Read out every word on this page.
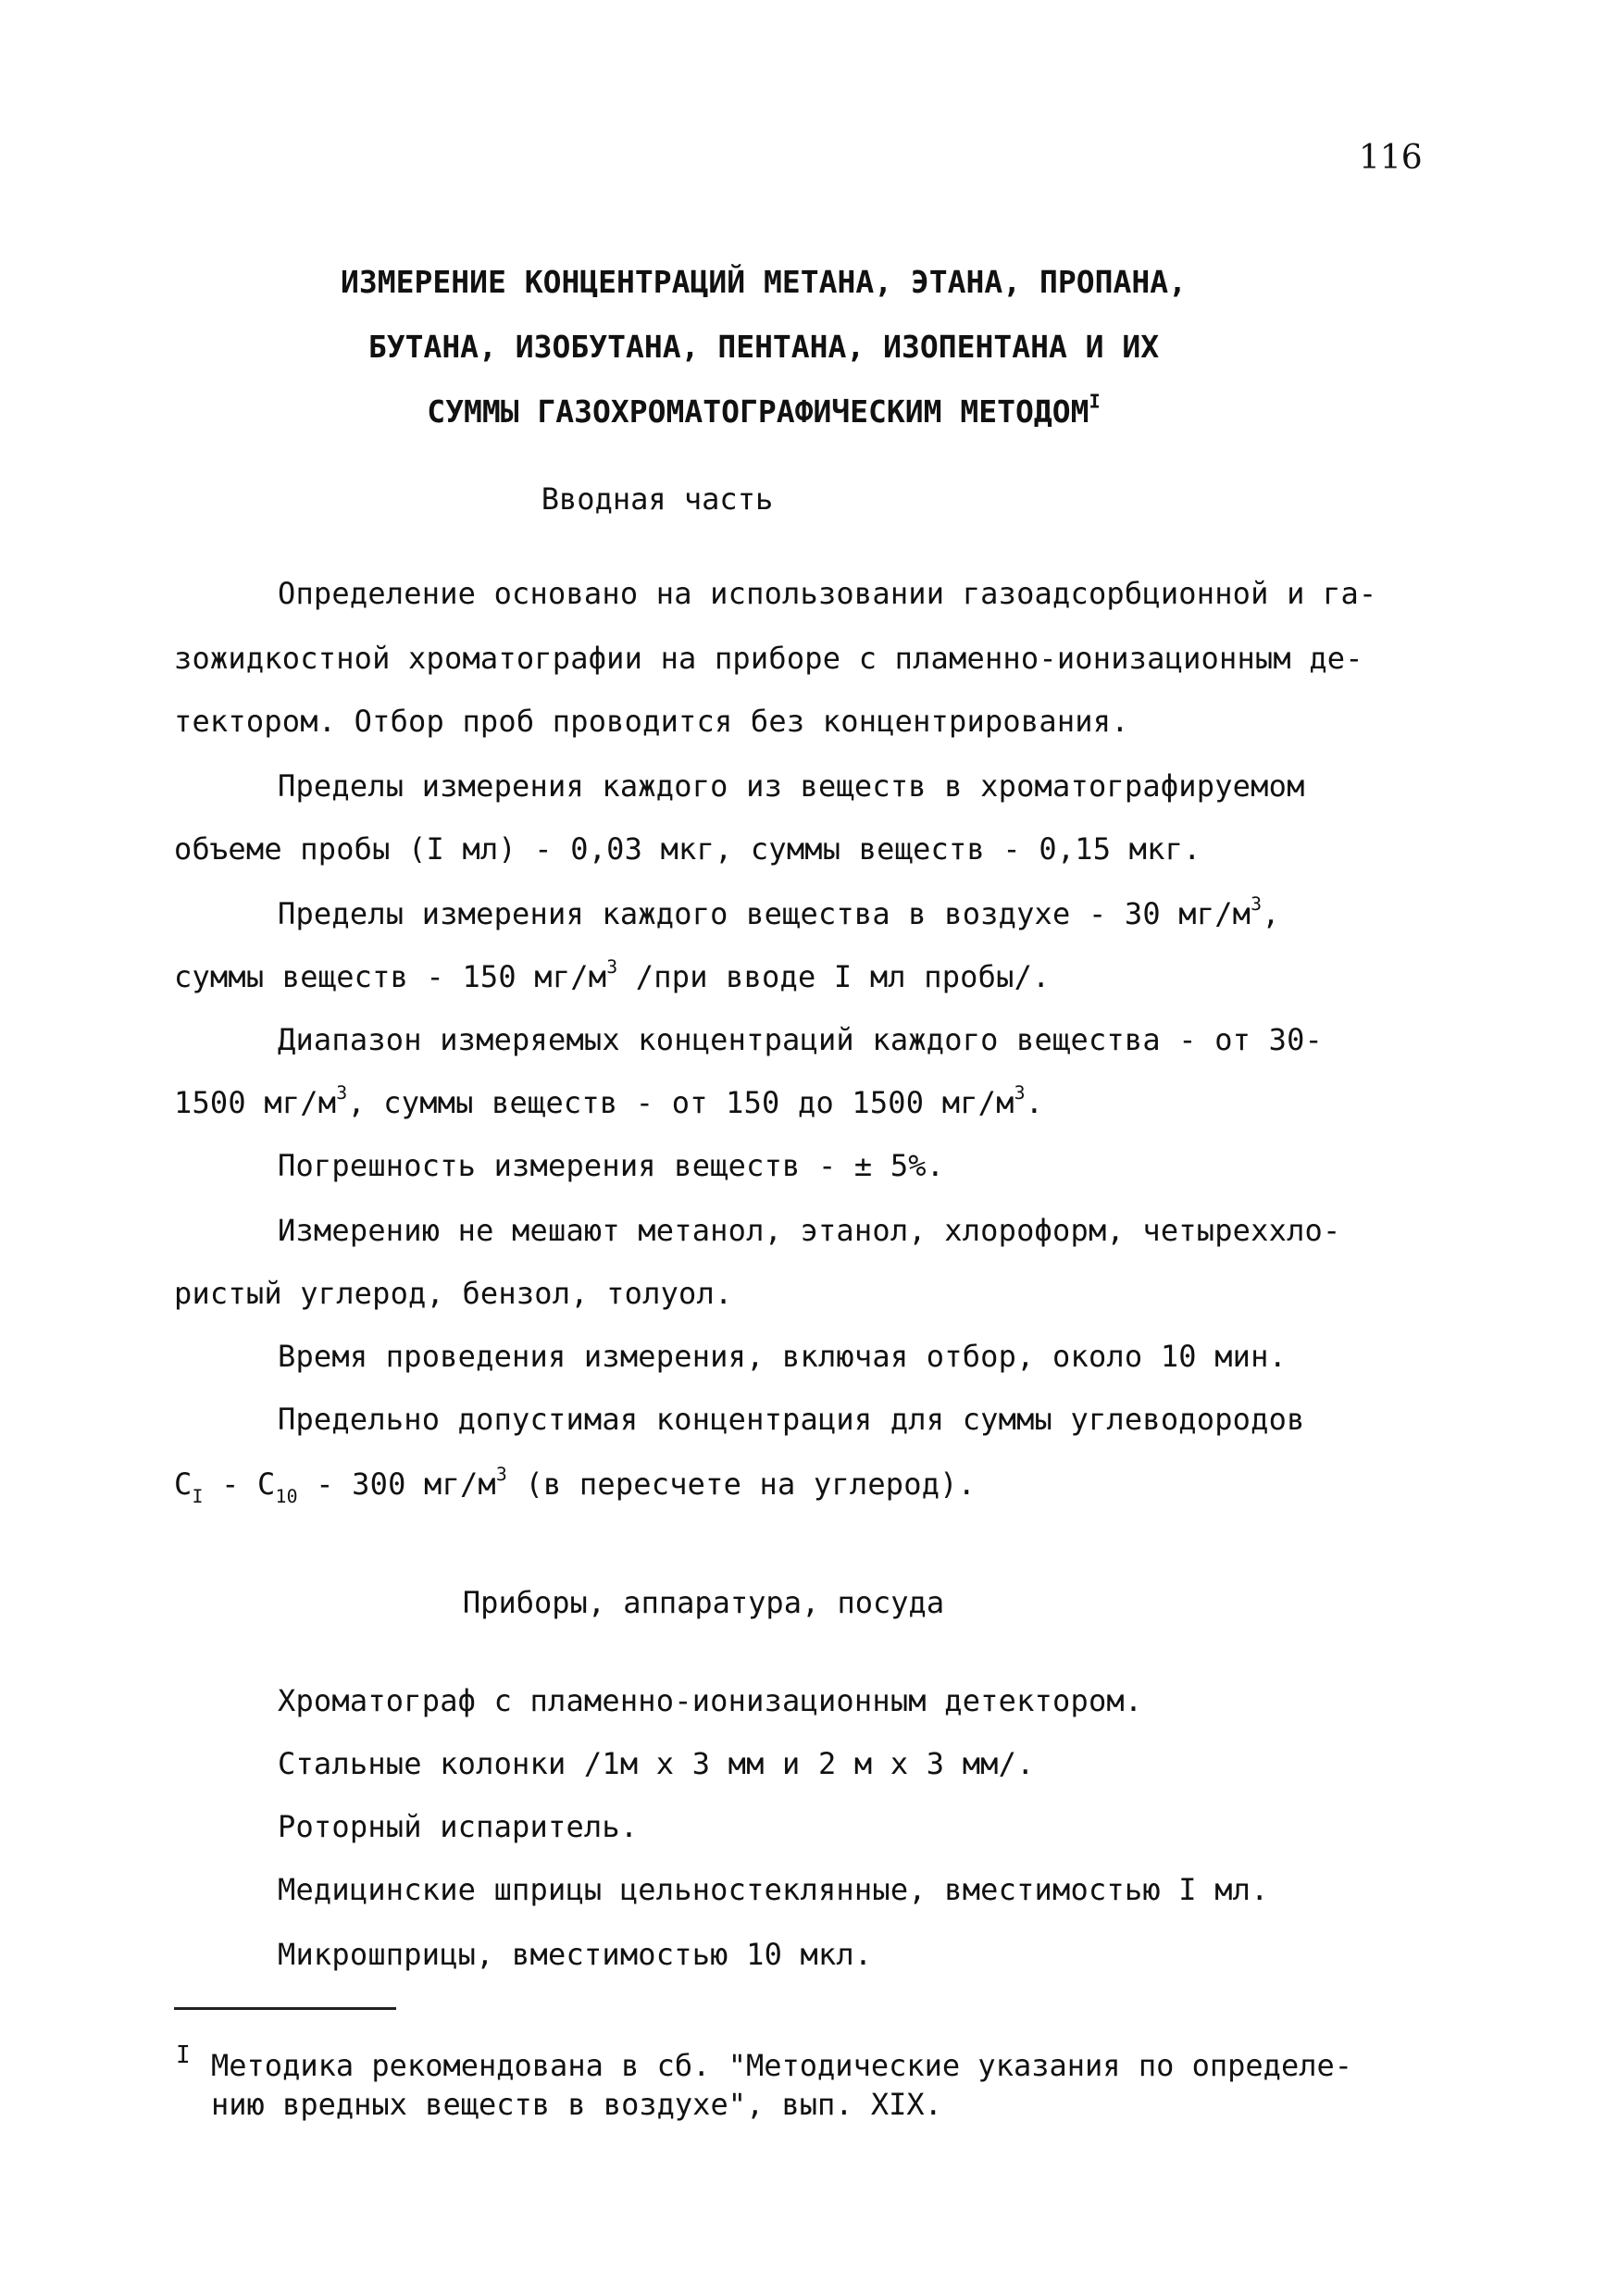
116
ИЗМЕРЕНИЕ КОНЦЕНТРАЦИЙ МЕТАНА, ЭТАНА, ПРОПАНА,
БУТАНА, ИЗОБУТАНА, ПЕНТАНА, ИЗОПЕНТАНА И ИХ
СУММЫ ГАЗОХРОМАТОГРАФИЧЕСКИМ $МЕТОДОМ^I$
Вводная часть
Определение основано на использовании газоадсорбционной и га-
зожидкостной хроматографии на приборе с пламенно-ионизационным де-
тектором. Отбор проб проводится без концентрирования.
Пределы измерения каждого из веществ в хроматографируемом
объеме пробы (I мл) - 0,03 мкг, суммы веществ - 0,15 мкг.
Пределы измерения каждого вещества в воздухе - 30 $мг/м^3$,
суммы веществ - 150 $мг/м^3$ /при вводе I мл пробы/.
Диапазон измеряемых концентраций каждого вещества - от 30-
1500 $мг/м^3$, суммы веществ - от 150 до 1500 $мг/м^3$.
Погрешность измерения веществ - ± 5%.
Измерению не мешают метанол, этанол, хлороформ, четыреххло-
ристый углерод, бензол, толуол.
Время проведения измерения, включая отбор, около 10 мин.
Предельно допустимая концентрация для суммы углеводородов
$С_I - С_{10} - 300$ $мг/м^3$ (в пересчете на углерод).
Приборы, аппаратура, посуда
Хроматограф с пламенно-ионизационным детектором.
Стальные колонки /1м х 3 мм и 2 м х 3 мм/.
Роторный испаритель.
Медицинские шприцы цельностеклянные, вместимостью I мл.
Микрошприцы, вместимостью 10 мкл.
I Методика рекомендована в сб. "Методические указания по определе-
нию вредных веществ в воздухе", вып. XIX.
